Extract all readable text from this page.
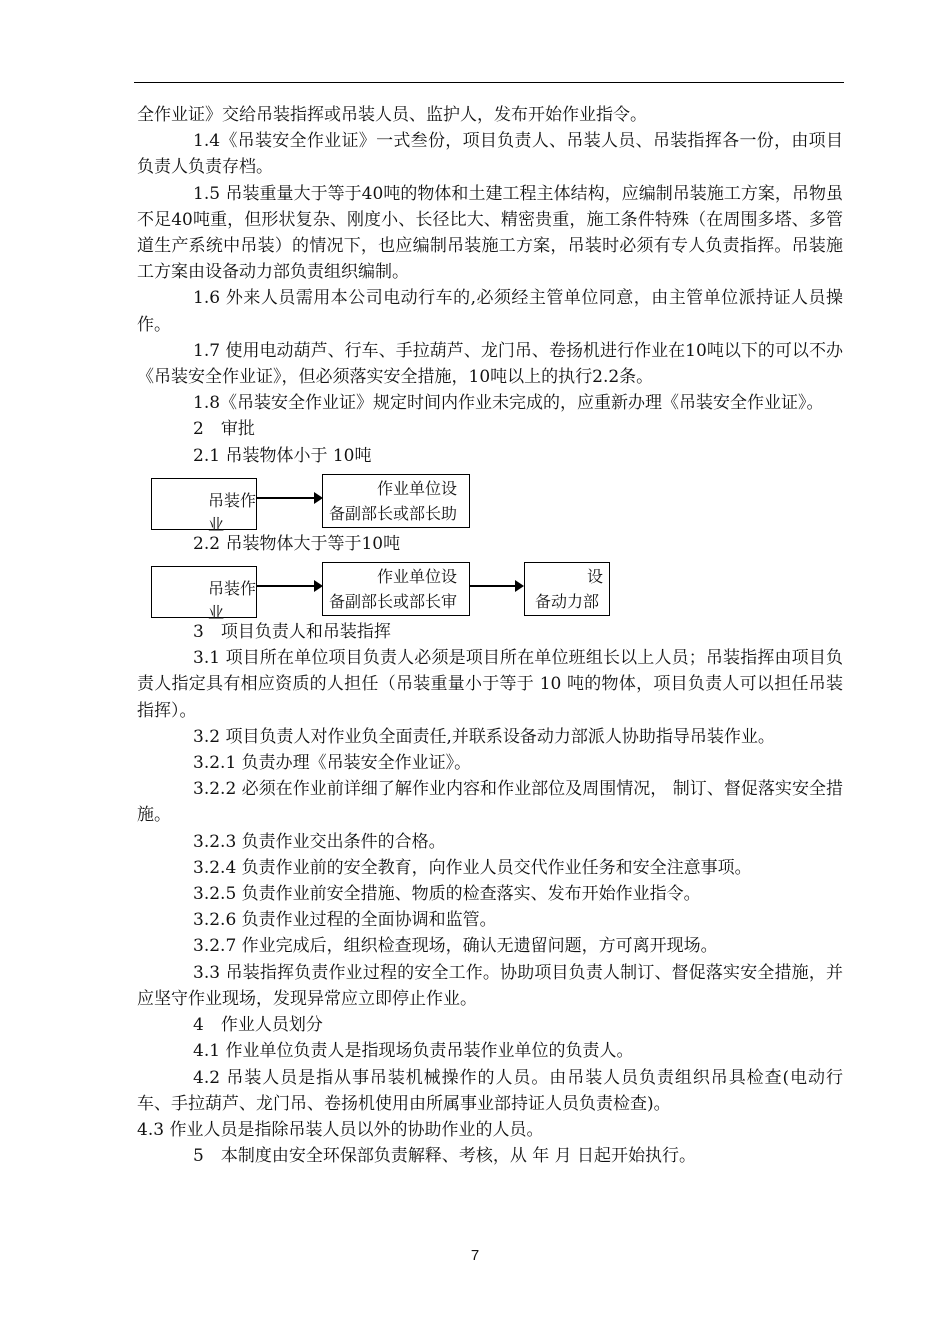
全作业证》交给吊装指挥或吊装人员、监护人，发布开始作业指令。

1.4《吊装安全作业证》一式叁份，项目负责人、吊装人员、吊装指挥各一份，由项目负责人负责存档。

1.5 吊装重量大于等于40吨的物体和土建工程主体结构，应编制吊装施工方案，吊物虽不足40吨重，但形状复杂、刚度小、长径比大、精密贵重，施工条件特殊（在周围多塔、多管道生产系统中吊装）的情况下，也应编制吊装施工方案，吊装时必须有专人负责指挥。吊装施工方案由设备动力部负责组织编制。

1.6 外来人员需用本公司电动行车的,必须经主管单位同意，由主管单位派持证人员操作。

1.7 使用电动葫芦、行车、手拉葫芦、龙门吊、卷扬机进行作业在10吨以下的可以不办《吊装安全作业证》，但必须落实安全措施，10吨以上的执行2.2条。

1.8《吊装安全作业证》规定时间内作业未完成的，应重新办理《吊装安全作业证》。

2　审批

2.1 吊装物体小于 10吨

吊装作业
作业单位设
备副部长或部长助

2.2 吊装物体大于等于10吨

吊装作业
作业单位设
备副部长或部长审
设
备动力部

3　项目负责人和吊装指挥

3.1 项目所在单位项目负责人必须是项目所在单位班组长以上人员；吊装指挥由项目负责人指定具有相应资质的人担任（吊装重量小于等于 10 吨的物体，项目负责人可以担任吊装指挥）。

3.2 项目负责人对作业负全面责任,并联系设备动力部派人协助指导吊装作业。

3.2.1 负责办理《吊装安全作业证》。

3.2.2 必须在作业前详细了解作业内容和作业部位及周围情况， 制订、督促落实安全措施。

3.2.3 负责作业交出条件的合格。

3.2.4 负责作业前的安全教育，向作业人员交代作业任务和安全注意事项。

3.2.5 负责作业前安全措施、物质的检查落实、发布开始作业指令。

3.2.6 负责作业过程的全面协调和监管。

3.2.7 作业完成后，组织检查现场，确认无遗留问题，方可离开现场。

3.3 吊装指挥负责作业过程的安全工作。协助项目负责人制订、督促落实安全措施，并应坚守作业现场，发现异常应立即停止作业。

4　作业人员划分

4.1 作业单位负责人是指现场负责吊装作业单位的负责人。

4.2 吊装人员是指从事吊装机械操作的人员。由吊装人员负责组织吊具检查(电动行车、手拉葫芦、龙门吊、卷扬机使用由所属事业部持证人员负责检查)。

4.3 作业人员是指除吊装人员以外的协助作业的人员。

5　本制度由安全环保部负责解释、考核，从 年 月 日起开始执行。

7
